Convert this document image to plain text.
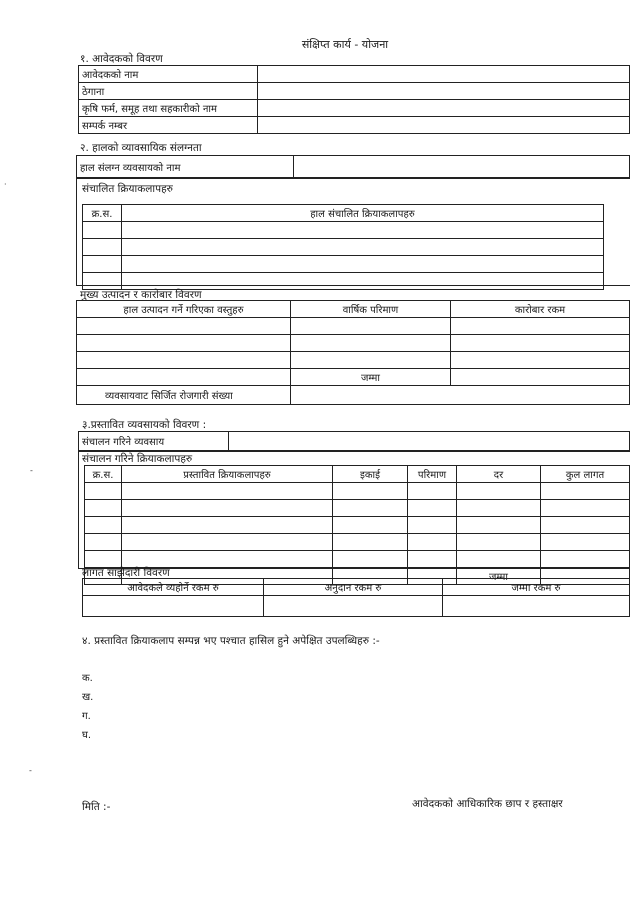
संक्षिप्त कार्य - योजना
१. आवेदकको विवरण
आवेदकको नाम	
ठेगाना	
कृषि फर्म, समूह तथा सहकारीको नाम	
सम्पर्क नम्बर	
२. हालको व्यावसायिक संलग्नता
हाल संलग्न व्यवसायको नाम	
संचालित क्रियाकलापहरु
क्र.स.	हाल संचालित क्रियाकलापहरु

मुख्य उत्पादन र कारोबार विवरण
हाल उत्पादन गर्ने गरिएका वस्तुहरु	वार्षिक परिमाण	कारोबार रकम

	जम्मा	
व्यवसायवाट सिर्जित रोजगारी संख्या		
३.प्रस्तावित व्यवसायको विवरण :
संचालन गरिने व्यवसाय	
संचालन गरिने क्रियाकलापहरु
क्र.स.	प्रस्तावित क्रियाकलापहरु	इकाई	परिमाण	दर	कुल लागत

				जम्मा	
लागत साझेदारी विवरण
आवेदकले व्यहोर्ने रकम रु	अनुदान रकम रु	जम्मा रकम रु

४. प्रस्तावित क्रियाकलाप सम्पन्न भए पश्चात हासिल हुने अपेक्षित उपलब्धिहरु :-
क.
ख.
ग.
घ.
मिति :-	आवेदकको आधिकारिक छाप र हस्ताक्षर
·
-
-
